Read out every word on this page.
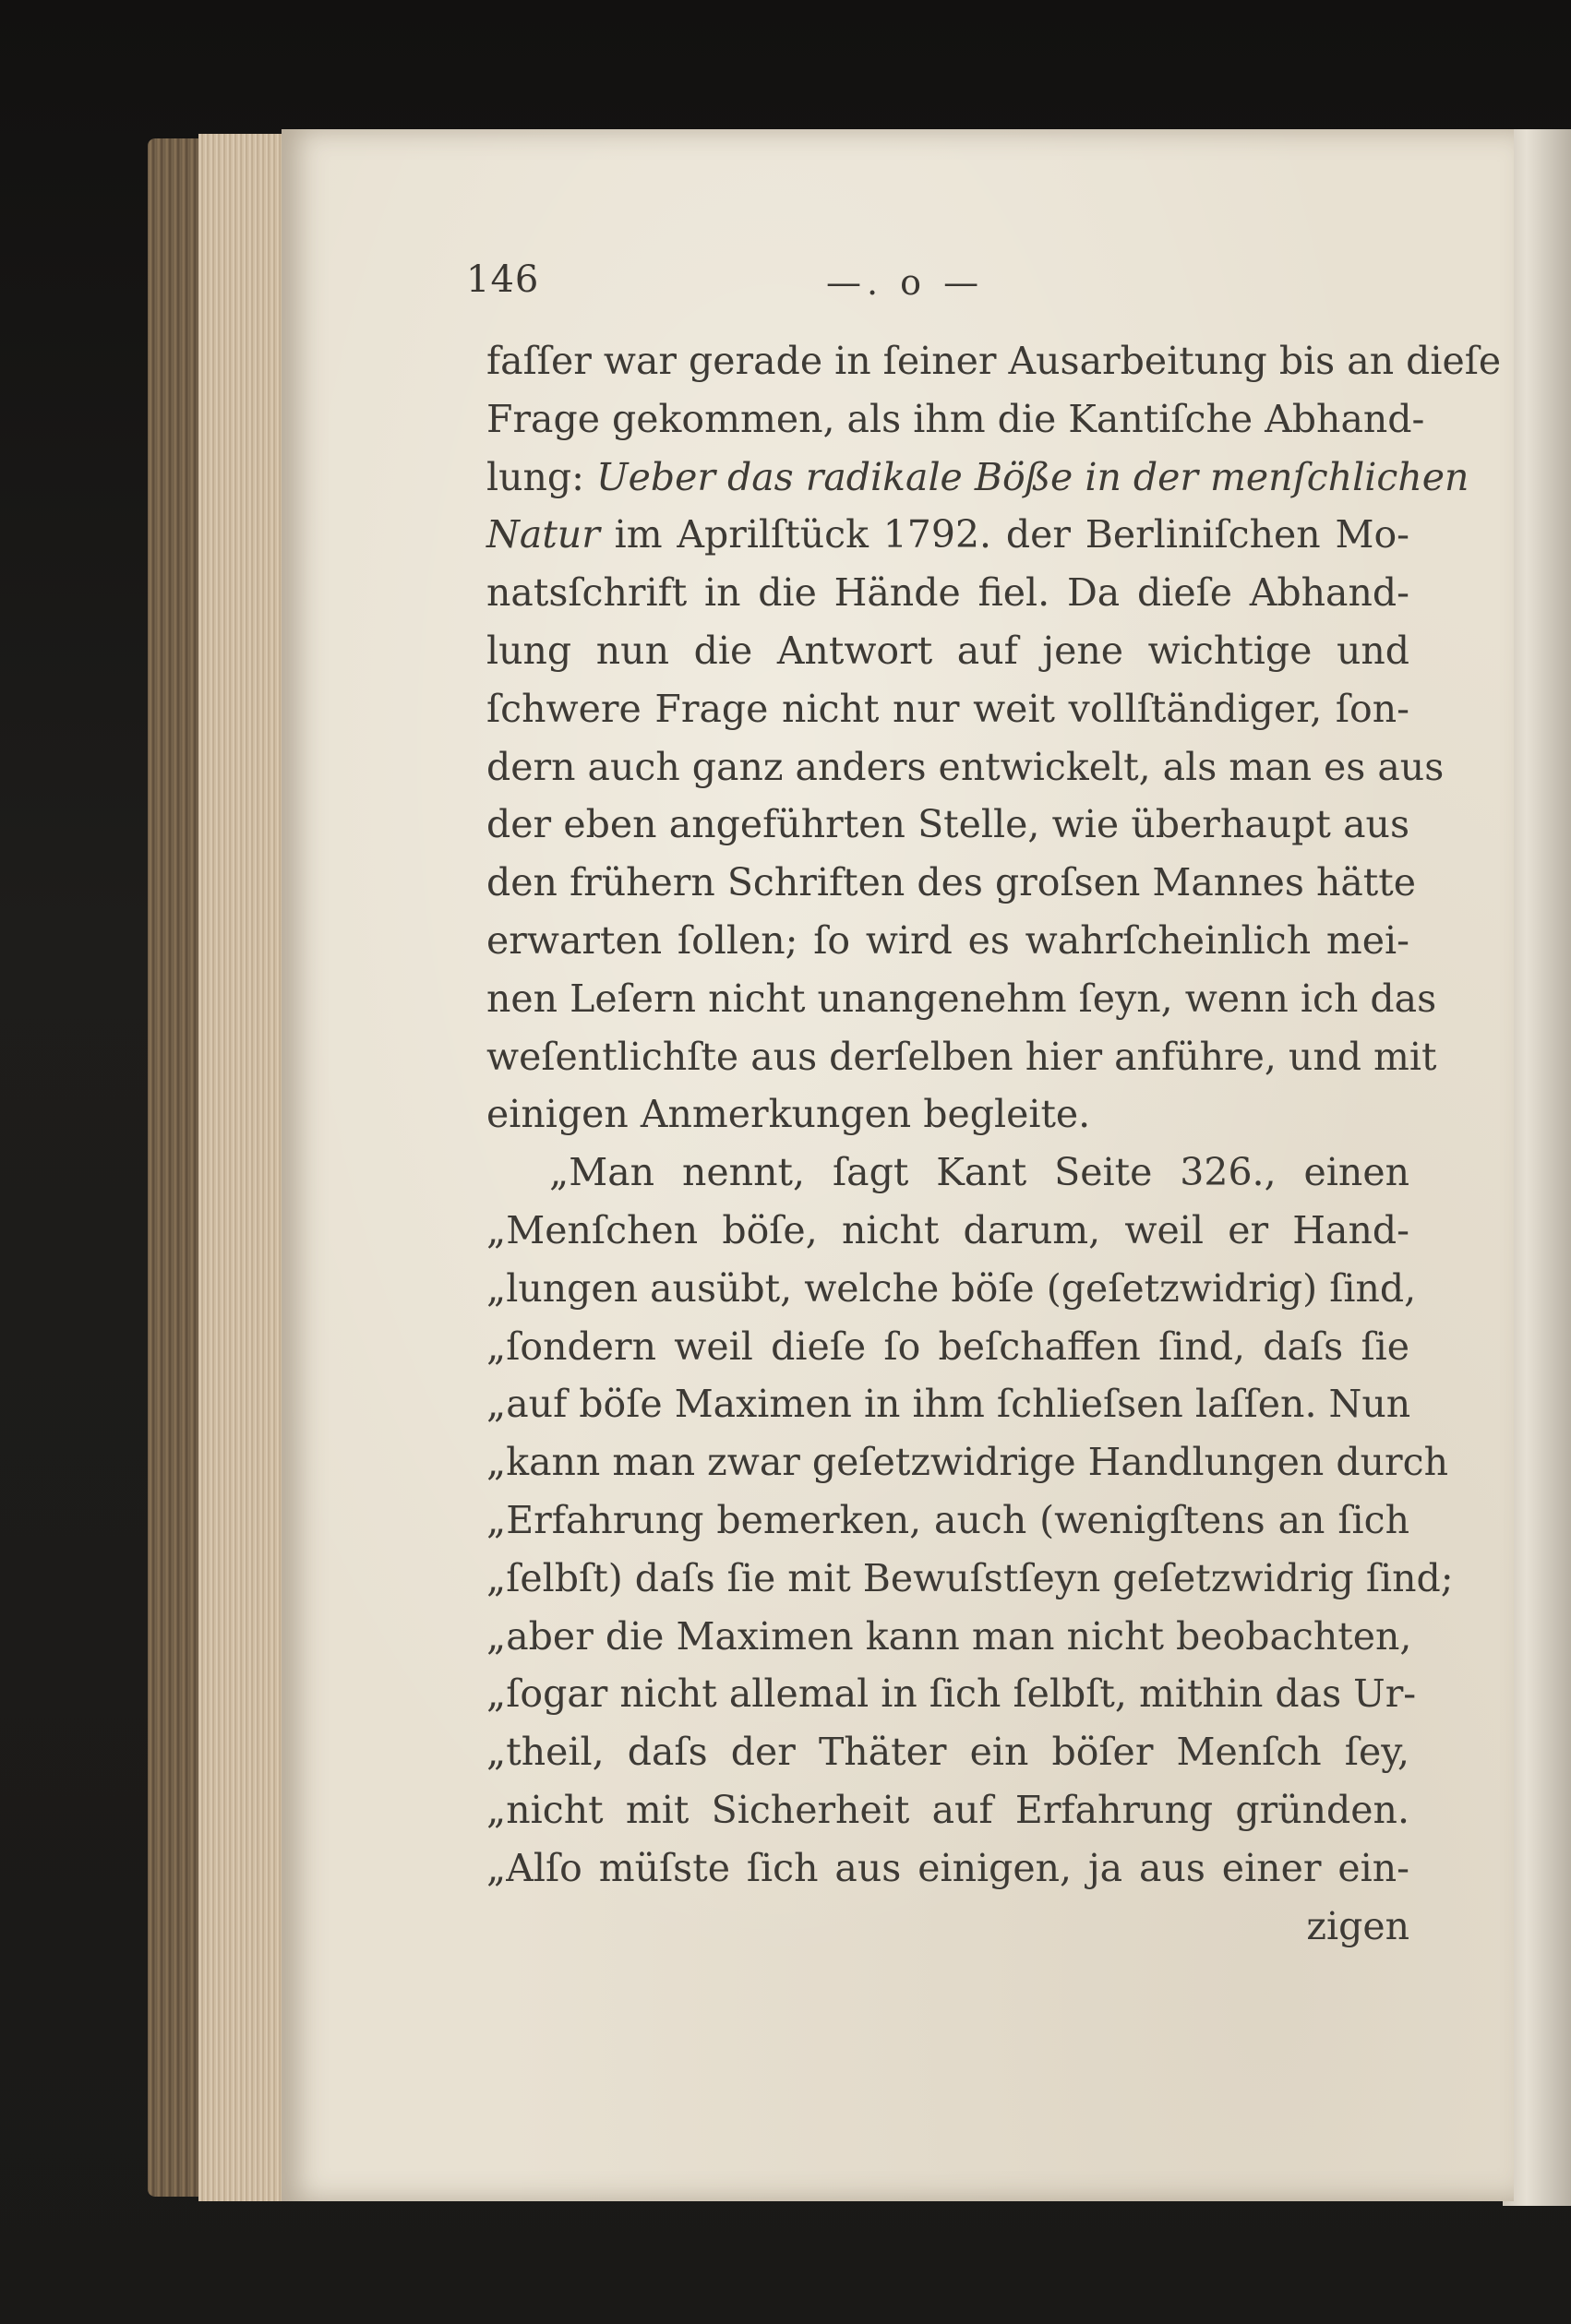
146	—. o —
faſſer war gerade in ſeiner Ausarbeitung bis an dieſe
Frage gekommen, als ihm die Kantiſche Abhand-
lung: Ueber das radikale Böße in der menſchlichen
Natur im Aprilſtück 1792. der Berliniſchen Mo-
natsſchrift in die Hände fiel. Da dieſe Abhand-
lung nun die Antwort auf jene wichtige und
ſchwere Frage nicht nur weit vollſtändiger, ſon-
dern auch ganz anders entwickelt, als man es aus
der eben angeführten Stelle, wie überhaupt aus
den frühern Schriften des groſsen Mannes hätte
erwarten ſollen; ſo wird es wahrſcheinlich mei-
nen Leſern nicht unangenehm ſeyn, wenn ich das
weſentlichſte aus derſelben hier anführe, und mit
einigen Anmerkungen begleite.
„Man nennt, ſagt Kant Seite 326., einen
„Menſchen böſe, nicht darum, weil er Hand-
„lungen ausübt, welche böſe (geſetzwidrig) ſind,
„ſondern weil dieſe ſo beſchaffen ſind, daſs ſie
„auf böſe Maximen in ihm ſchlieſsen laſſen. Nun
„kann man zwar geſetzwidrige Handlungen durch
„Erfahrung bemerken, auch (wenigſtens an ſich
„ſelbſt) daſs ſie mit Bewuſstſeyn geſetzwidrig ſind;
„aber die Maximen kann man nicht beobachten,
„ſogar nicht allemal in ſich ſelbſt, mithin das Ur-
„theil, daſs der Thäter ein böſer Menſch ſey,
„nicht mit Sicherheit auf Erfahrung gründen.
„Alſo müſste ſich aus einigen, ja aus einer ein-
zigen
